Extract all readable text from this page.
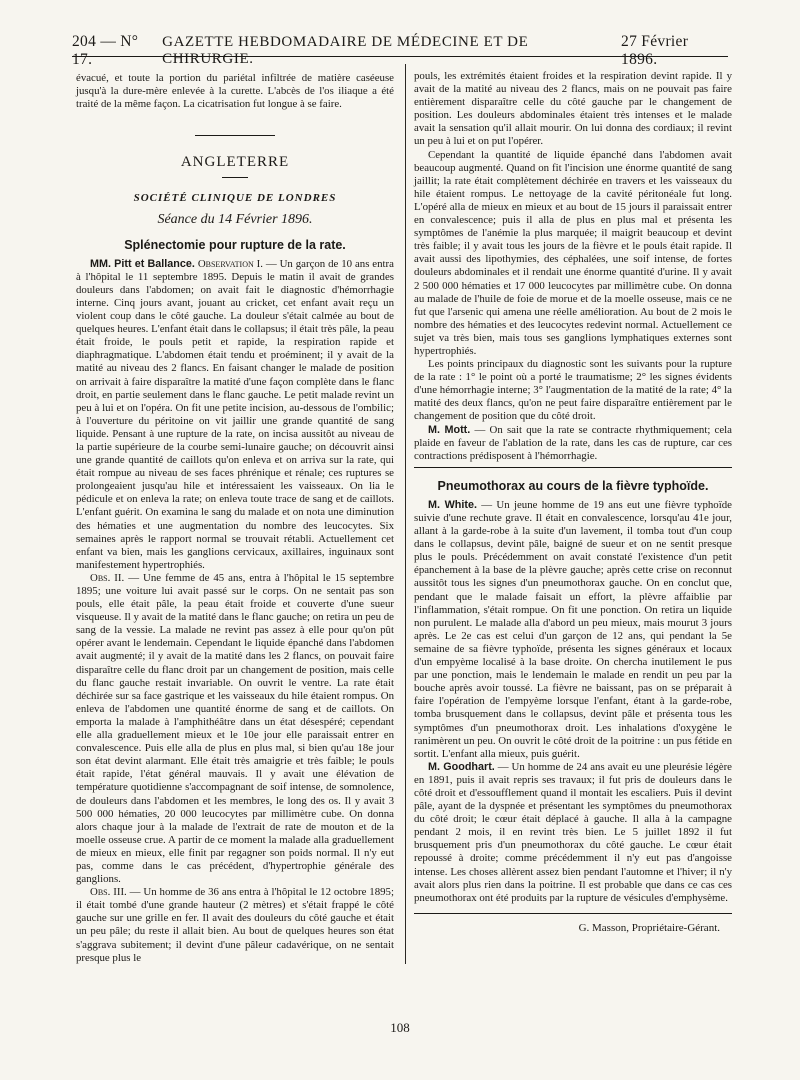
204 — N° 17.
GAZETTE HEBDOMADAIRE DE MÉDECINE ET DE CHIRURGIE.
27 Février 1896.

évacué, et toute la portion du pariétal infiltrée de matière caséeuse jusqu'à la dure-mère enlevée à la curette. L'abcès de l'os iliaque a été traité de la même façon. La cicatrisation fut longue à se faire.

ANGLETERRE
SOCIÉTÉ CLINIQUE DE LONDRES
Séance du 14 Février 1896.
Splénectomie pour rupture de la rate.

MM. Pitt et Ballance. Observation I. — Un garçon de 10 ans entra à l'hôpital le 11 septembre 1895. Depuis le matin il avait de grandes douleurs dans l'abdomen; on avait fait le diagnostic d'hémorrhagie interne. Cinq jours avant, jouant au cricket, cet enfant avait reçu un violent coup dans le côté gauche. La douleur s'était calmée au bout de quelques heures. L'enfant était dans le collapsus; il était très pâle, la peau était froide, le pouls petit et rapide, la respiration rapide et diaphragmatique. L'abdomen était tendu et proéminent; il y avait de la matité au niveau des 2 flancs. En faisant changer le malade de position on arrivait à faire disparaître la matité d'une façon complète dans le flanc droit, en partie seulement dans le flanc gauche. Le petit malade revint un peu à lui et on l'opéra. On fit une petite incision, au-dessous de l'ombilic; à l'ouverture du péritoine on vit jaillir une grande quantité de sang liquide. Pensant à une rupture de la rate, on incisa aussitôt au niveau de la partie supérieure de la courbe semi-lunaire gauche; on découvrit ainsi une grande quantité de caillots qu'on enleva et on arriva sur la rate, qui était rompue au niveau de ses faces phrénique et rénale; ces ruptures se prolongeaient jusqu'au hile et intéressaient les vaisseaux. On lia le pédicule et on enleva la rate; on enleva toute trace de sang et de caillots. L'enfant guérit. On examina le sang du malade et on nota une diminution des hématies et une augmentation du nombre des leucocytes. Six semaines après le rapport normal se trouvait rétabli. Actuellement cet enfant va bien, mais les ganglions cervicaux, axillaires, inguinaux sont manifestement hypertrophiés.

Obs. II. — Une femme de 45 ans, entra à l'hôpital le 15 septembre 1895; une voiture lui avait passé sur le corps. On ne sentait pas son pouls, elle était pâle, la peau était froide et couverte d'une sueur visqueuse. Il y avait de la matité dans le flanc gauche; on retira un peu de sang de la vessie. La malade ne revint pas assez à elle pour qu'on pût opérer avant le lendemain. Cependant le liquide épanché dans l'abdomen avait augmenté; il y avait de la matité dans les 2 flancs, on pouvait faire disparaître celle du flanc droit par un changement de position, mais celle du flanc gauche restait invariable. On ouvrit le ventre. La rate était déchirée sur sa face gastrique et les vaisseaux du hile étaient rompus. On enleva de l'abdomen une quantité énorme de sang et de caillots. On emporta la malade à l'amphithéâtre dans un état désespéré; cependant elle alla graduellement mieux et le 10e jour elle paraissait entrer en convalescence. Puis elle alla de plus en plus mal, si bien qu'au 18e jour son état devint alarmant. Elle était très amaigrie et très faible; le pouls était rapide, l'état général mauvais. Il y avait une élévation de température quotidienne s'accompagnant de soif intense, de somnolence, de douleurs dans l'abdomen et les membres, le long des os. Il y avait 3 500 000 hématies, 20 000 leucocytes par millimètre cube. On donna alors chaque jour à la malade de l'extrait de rate de mouton et de la moelle osseuse crue. A partir de ce moment la malade alla graduellement de mieux en mieux, elle finit par regagner son poids normal. Il n'y eut pas, comme dans le cas précédent, d'hypertrophie générale des ganglions.

Obs. III. — Un homme de 36 ans entra à l'hôpital le 12 octobre 1895; il était tombé d'une grande hauteur (2 mètres) et s'était frappé le côté gauche sur une grille en fer. Il avait des douleurs du côté gauche et était un peu pâle; du reste il allait bien. Au bout de quelques heures son état s'aggrava subitement; il devint d'une pâleur cadavérique, on ne sentait presque plus le

pouls, les extrémités étaient froides et la respiration devint rapide. Il y avait de la matité au niveau des 2 flancs, mais on ne pouvait pas faire entièrement disparaître celle du côté gauche par le changement de position. Les douleurs abdominales étaient très intenses et le malade avait la sensation qu'il allait mourir. On lui donna des cordiaux; il revint un peu à lui et on put l'opérer.

Cependant la quantité de liquide épanché dans l'abdomen avait beaucoup augmenté. Quand on fit l'incision une énorme quantité de sang jaillit; la rate était complètement déchirée en travers et les vaisseaux du hile étaient rompus. Le nettoyage de la cavité péritonéale fut long. L'opéré alla de mieux en mieux et au bout de 15 jours il paraissait entrer en convalescence; puis il alla de plus en plus mal et présenta les symptômes de l'anémie la plus marquée; il maigrit beaucoup et devint très faible; il y avait tous les jours de la fièvre et le pouls était rapide. Il avait aussi des lipothymies, des céphalées, une soif intense, de fortes douleurs abdominales et il rendait une énorme quantité d'urine. Il y avait 2 500 000 hématies et 17 000 leucocytes par millimètre cube. On donna au malade de l'huile de foie de morue et de la moelle osseuse, mais ce ne fut que l'arsenic qui amena une réelle amélioration. Au bout de 2 mois le nombre des hématies et des leucocytes redevint normal. Actuellement ce sujet va très bien, mais tous ses ganglions lymphatiques externes sont hypertrophiés.

Les points principaux du diagnostic sont les suivants pour la rupture de la rate : 1° le point où a porté le traumatisme; 2° les signes évidents d'une hémorrhagie interne; 3° l'augmentation de la matité de la rate; 4° la matité des deux flancs, qu'on ne peut faire disparaître entièrement par le changement de position que du côté droit.

M. Mott. — On sait que la rate se contracte rhythmiquement; cela plaide en faveur de l'ablation de la rate, dans les cas de rupture, car ces contractions prédisposent à l'hémorrhagie.

Pneumothorax au cours de la fièvre typhoïde.

M. White. — Un jeune homme de 19 ans eut une fièvre typhoïde suivie d'une rechute grave. Il était en convalescence, lorsqu'au 41e jour, allant à la garde-robe à la suite d'un lavement, il tomba tout d'un coup dans le collapsus, devint pâle, baigné de sueur et on ne sentit presque plus le pouls. Précédemment on avait constaté l'existence d'un petit épanchement à la base de la plèvre gauche; après cette crise on reconnut aussitôt tous les signes d'un pneumothorax gauche. On en conclut que, pendant que le malade faisait un effort, la plèvre affaiblie par l'inflammation, s'était rompue. On fit une ponction. On retira un liquide non purulent. Le malade alla d'abord un peu mieux, mais mourut 3 jours après. Le 2e cas est celui d'un garçon de 12 ans, qui pendant la 5e semaine de sa fièvre typhoïde, présenta les signes généraux et locaux d'un empyème localisé à la base droite. On chercha inutilement le pus par une ponction, mais le lendemain le malade en rendit un peu par la bouche après avoir toussé. La fièvre ne baissant, pas on se préparait à faire l'opération de l'empyème lorsque l'enfant, étant à la garde-robe, tomba brusquement dans le collapsus, devint pâle et présenta tous les symptômes d'un pneumothorax droit. Les inhalations d'oxygène le ranimèrent un peu. On ouvrit le côté droit de la poitrine : un pus fétide en sortit. L'enfant alla mieux, puis guérit.

M. Goodhart. — Un homme de 24 ans avait eu une pleurésie légère en 1891, puis il avait repris ses travaux; il fut pris de douleurs dans le côté droit et d'essoufflement quand il montait les escaliers. Puis il devint pâle, ayant de la dyspnée et présentant les symptômes du pneumothorax du côté droit; le cœur était déplacé à gauche. Il alla à la campagne pendant 2 mois, il en revint très bien. Le 5 juillet 1892 il fut brusquement pris d'un pneumothorax du côté gauche. Le cœur était repoussé à droite; comme précédemment il n'y eut pas d'angoisse intense. Les choses allèrent assez bien pendant l'automne et l'hiver; il n'y avait alors plus rien dans la poitrine. Il est probable que dans ce cas ces pneumothorax ont été produits par la rupture de vésicules d'emphysème.

G. Masson, Propriétaire-Gérant.
108
